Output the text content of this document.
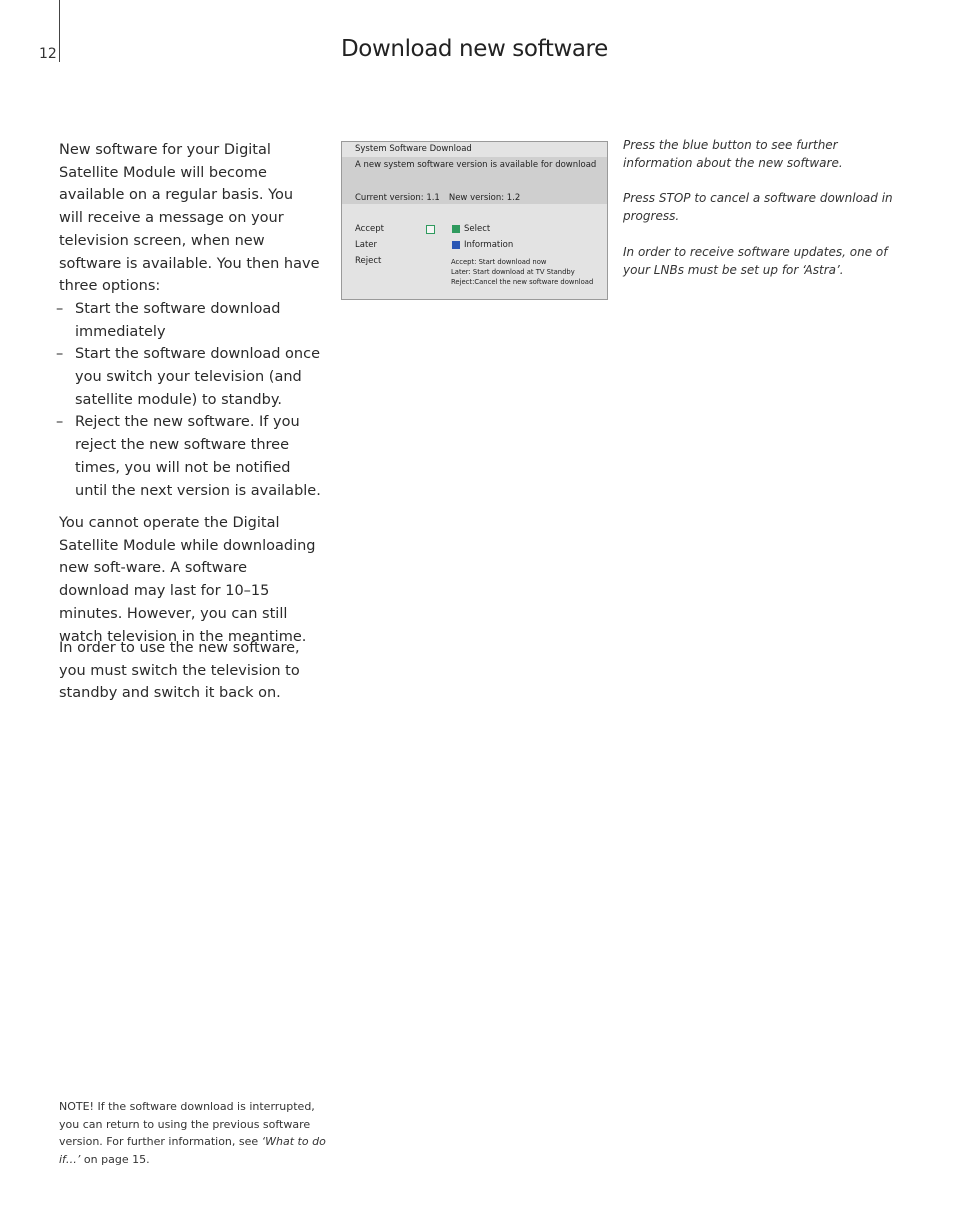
12	Download new software

New software for your Digital Satellite Module will become available on a regular basis. You will receive a message on your television screen, when new software is available. You then have three options:

– Start the software download immediately
– Start the software download once you switch your television (and satellite module) to standby.
– Reject the new software. If you reject the new software three times, you will not be notified until the next version is available.

You cannot operate the Digital Satellite Module while downloading new soft-ware. A software download may last for 10–15 minutes. However, you can still watch television in the meantime.

In order to use the new software, you must switch the television to standby and switch it back on.

System Software Download
A new system software version is available for download
Current version: 1.1 New version: 1.2
Accept
Later
Reject
Select
Information
Accept: Start download now
Later: Start download at TV Standby
Reject:Cancel the new software download

Press the blue button to see further information about the new software.

Press STOP to cancel a software download in progress.

In order to receive software updates, one of your LNBs must be set up for ‘Astra’.

NOTE! If the software download is interrupted, you can return to using the previous software version. For further information, see ‘What to do if…’ on page 15.
